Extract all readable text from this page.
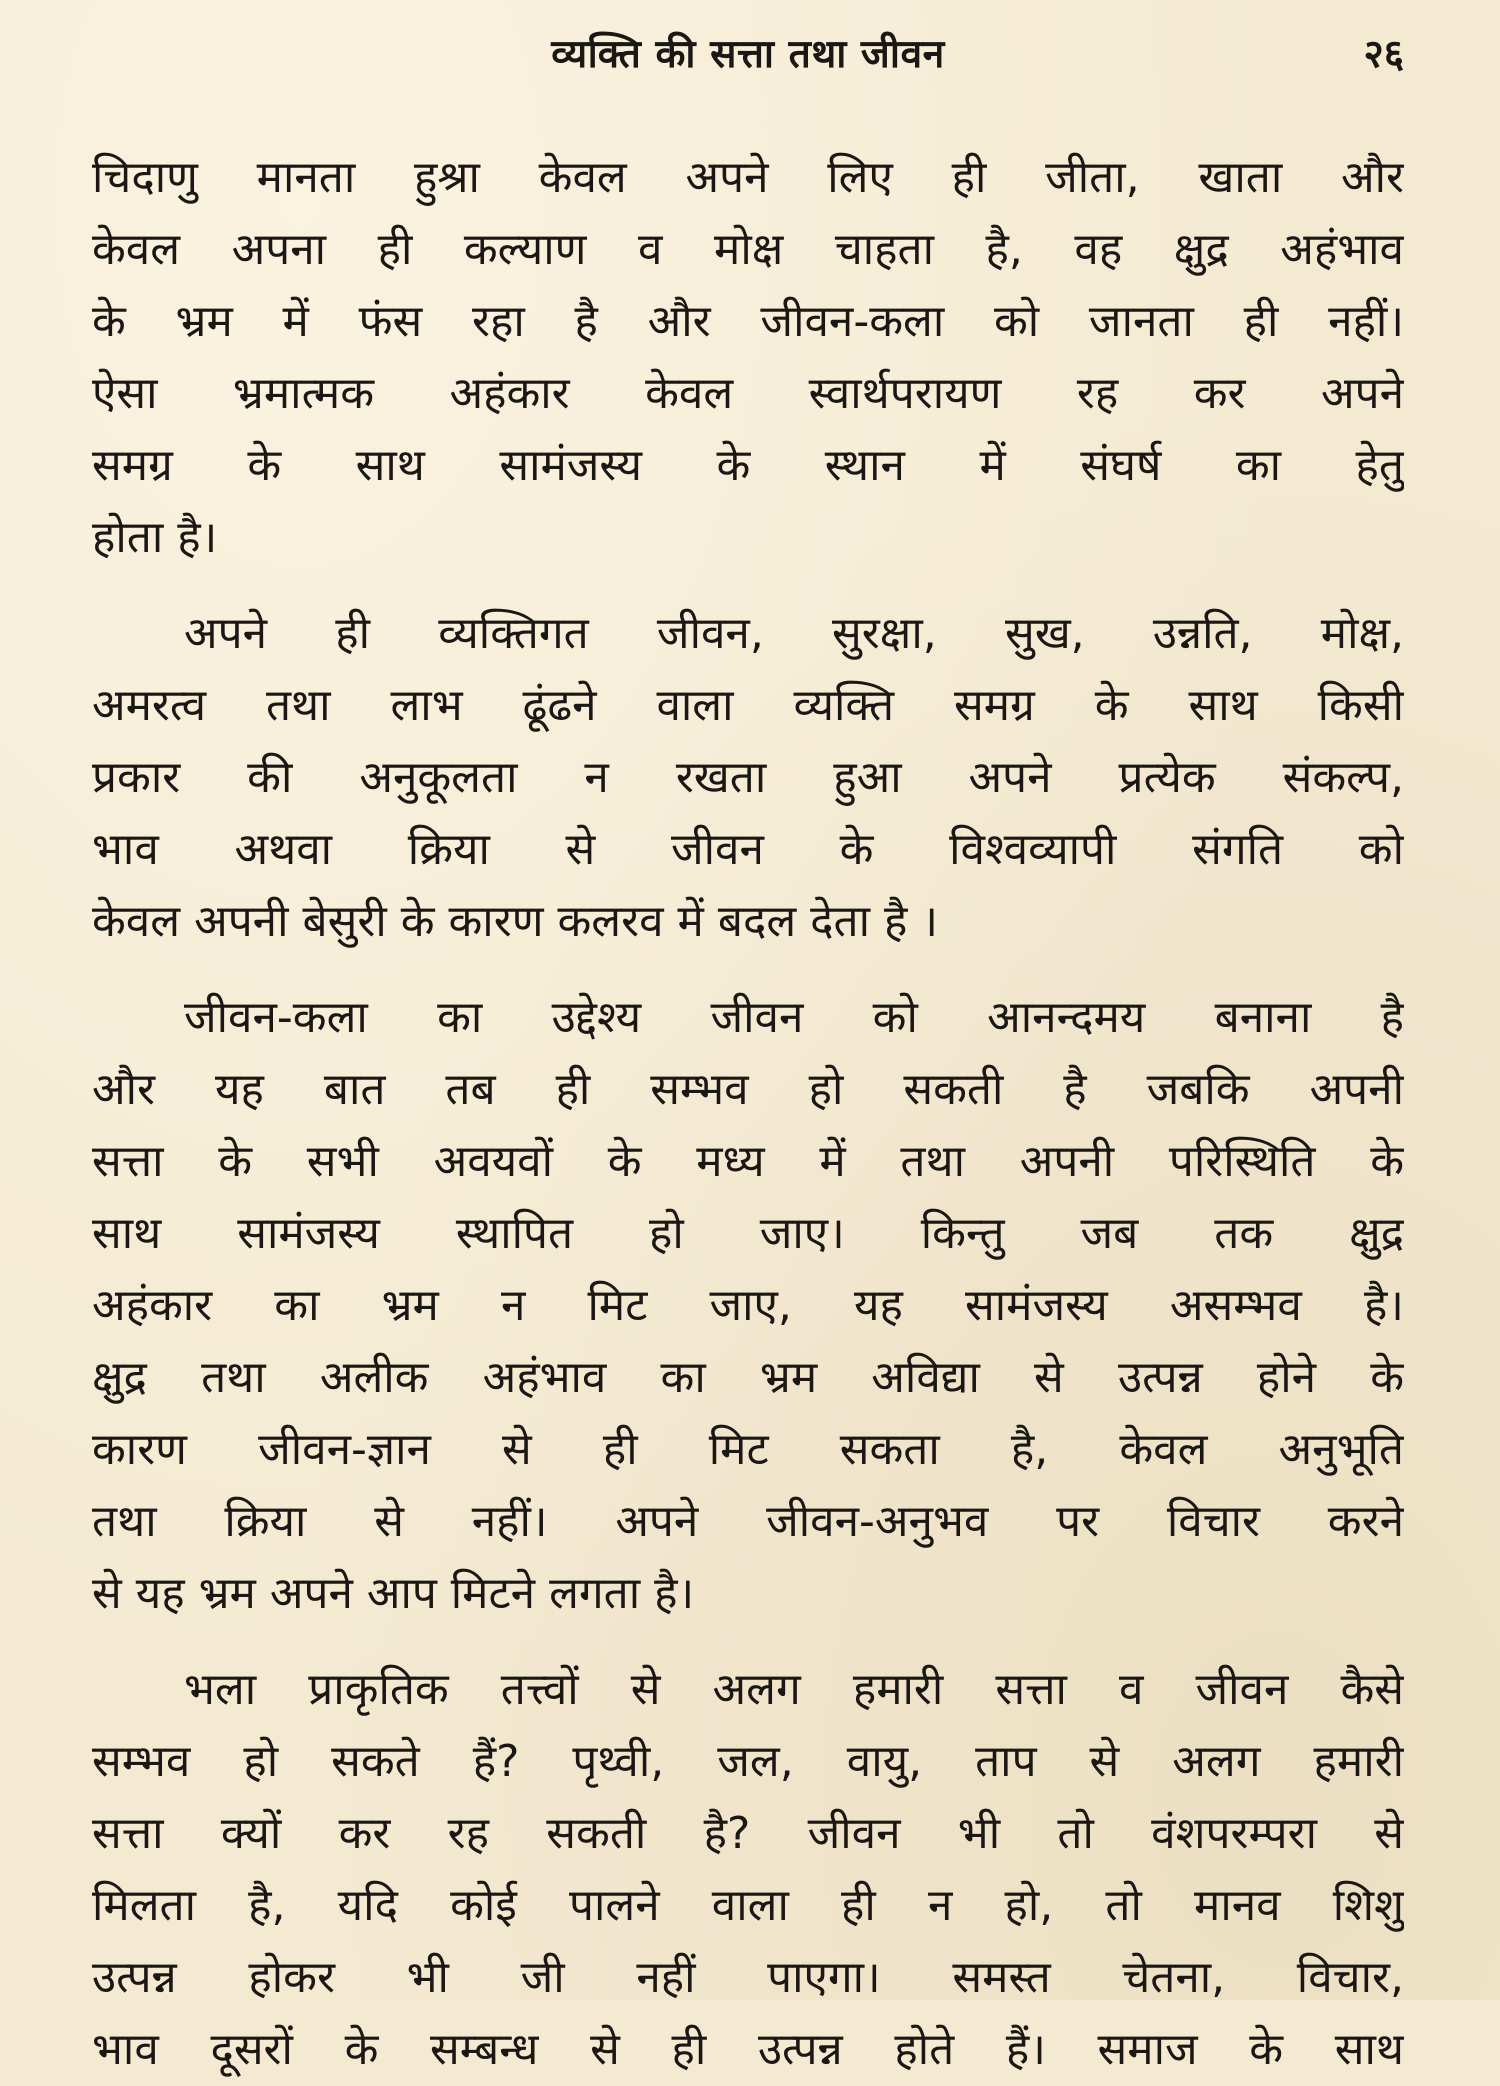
व्यक्ति की सत्ता तथा जीवन	२६
चिदाणु मानता हुश्रा केवल अपने लिए ही जीता, खाता और
केवल अपना ही कल्याण व मोक्ष चाहता है, वह क्षुद्र अहंभाव
के भ्रम में फंस रहा है और जीवन-कला को जानता ही नहीं।
ऐसा भ्रमात्मक अहंकार केवल स्वार्थपरायण रह कर अपने
समग्र के साथ सामंजस्य के स्थान में संघर्ष का हेतु
होता है।
अपने ही व्यक्तिगत जीवन, सुरक्षा, सुख, उन्नति, मोक्ष,
अमरत्व तथा लाभ ढूंढने वाला व्यक्ति समग्र के साथ किसी
प्रकार की अनुकूलता न रखता हुआ अपने प्रत्येक संकल्प,
भाव अथवा क्रिया से जीवन के विश्वव्यापी संगति को
केवल अपनी बेसुरी के कारण कलरव में बदल देता है ।
जीवन-कला का उद्देश्य जीवन को आनन्दमय बनाना है
और यह बात तब ही सम्भव हो सकती है जबकि अपनी
सत्ता के सभी अवयवों के मध्य में तथा अपनी परिस्थिति के
साथ सामंजस्य स्थापित हो जाए। किन्तु जब तक क्षुद्र
अहंकार का भ्रम न मिट जाए, यह सामंजस्य असम्भव है।
क्षुद्र तथा अलीक अहंभाव का भ्रम अविद्या से उत्पन्न होने के
कारण जीवन-ज्ञान से ही मिट सकता है, केवल अनुभूति
तथा क्रिया से नहीं। अपने जीवन-अनुभव पर विचार करने
से यह भ्रम अपने आप मिटने लगता है।
भला प्राकृतिक तत्त्वों से अलग हमारी सत्ता व जीवन कैसे
सम्भव हो सकते हैं? पृथ्वी, जल, वायु, ताप से अलग हमारी
सत्ता क्यों कर रह सकती है? जीवन भी तो वंशपरम्परा से
मिलता है, यदि कोई पालने वाला ही न हो, तो मानव शिशु
उत्पन्न होकर भी जी नहीं पाएगा। समस्त चेतना, विचार,
भाव दूसरों के सम्बन्ध से ही उत्पन्न होते हैं। समाज के साथ
